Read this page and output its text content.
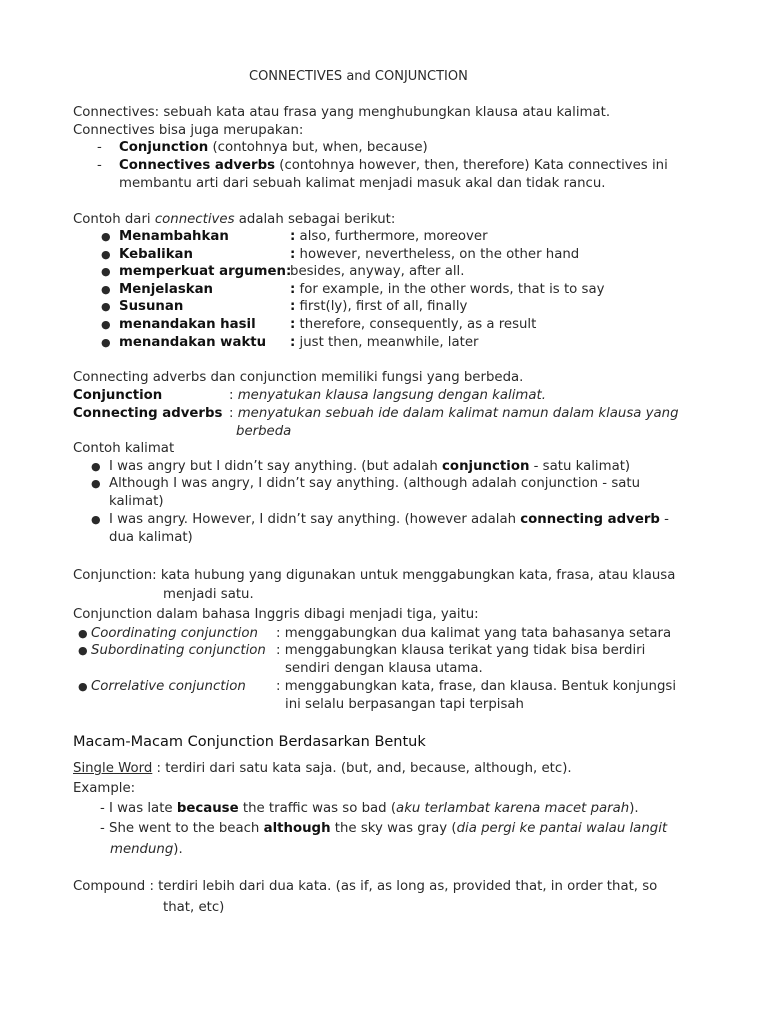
CONNECTIVES and CONJUNCTION
Connectives: sebuah kata atau frasa yang menghubungkan klausa atau kalimat.
Connectives bisa juga merupakan:
- Conjunction (contohnya but, when, because)
- Connectives adverbs (contohnya however, then, therefore) Kata connectives ini
membantu arti dari sebuah kalimat menjadi masuk akal dan tidak rancu.
Contoh dari connectives adalah sebagai berikut:
● Menambahkan	: also, furthermore, moreover
● Kebalikan	: however, nevertheless, on the other hand
● memperkuat argumen:
besides, anyway, after all.
● Menjelaskan	: for example, in the other words, that is to say
● Susunan	: first(ly), first of all, finally
● menandakan hasil	: therefore, consequently, as a result
● menandakan waktu : just then, meanwhile, later
Connecting adverbs dan conjunction memiliki fungsi yang berbeda.
Conjunction	: menyatukan klausa langsung dengan kalimat.
Connecting adverbs : menyatukan sebuah ide dalam kalimat namun dalam klausa yang
berbeda
Contoh kalimat
● I was angry but I didn’t say anything. (but adalah conjunction - satu kalimat)
● Although I was angry, I didn’t say anything. (although adalah conjunction - satu
kalimat)
● I was angry. However, I didn’t say anything. (however adalah connecting adverb -
dua kalimat)
Conjunction: kata hubung yang digunakan untuk menggabungkan kata, frasa, atau klausa
menjadi satu.
Conjunction dalam bahasa Inggris dibagi menjadi tiga, yaitu:
● Coordinating conjunction : menggabungkan dua kalimat yang tata bahasanya setara
● Subordinating conjunction : menggabungkan klausa terikat yang tidak bisa berdiri
sendiri dengan klausa utama.
● Correlative conjunction : menggabungkan kata, frase, dan klausa. Bentuk konjungsi
ini selalu berpasangan tapi terpisah
Macam-Macam Conjunction Berdasarkan Bentuk
Single Word : terdiri dari satu kata saja. (but, and, because, although, etc).
Example:
- I was late because the traffic was so bad (aku terlambat karena macet parah).
- She went to the beach although the sky was gray (dia pergi ke pantai walau langit
mendung).
Compound : terdiri lebih dari dua kata. (as if, as long as, provided that, in order that, so
that, etc)
